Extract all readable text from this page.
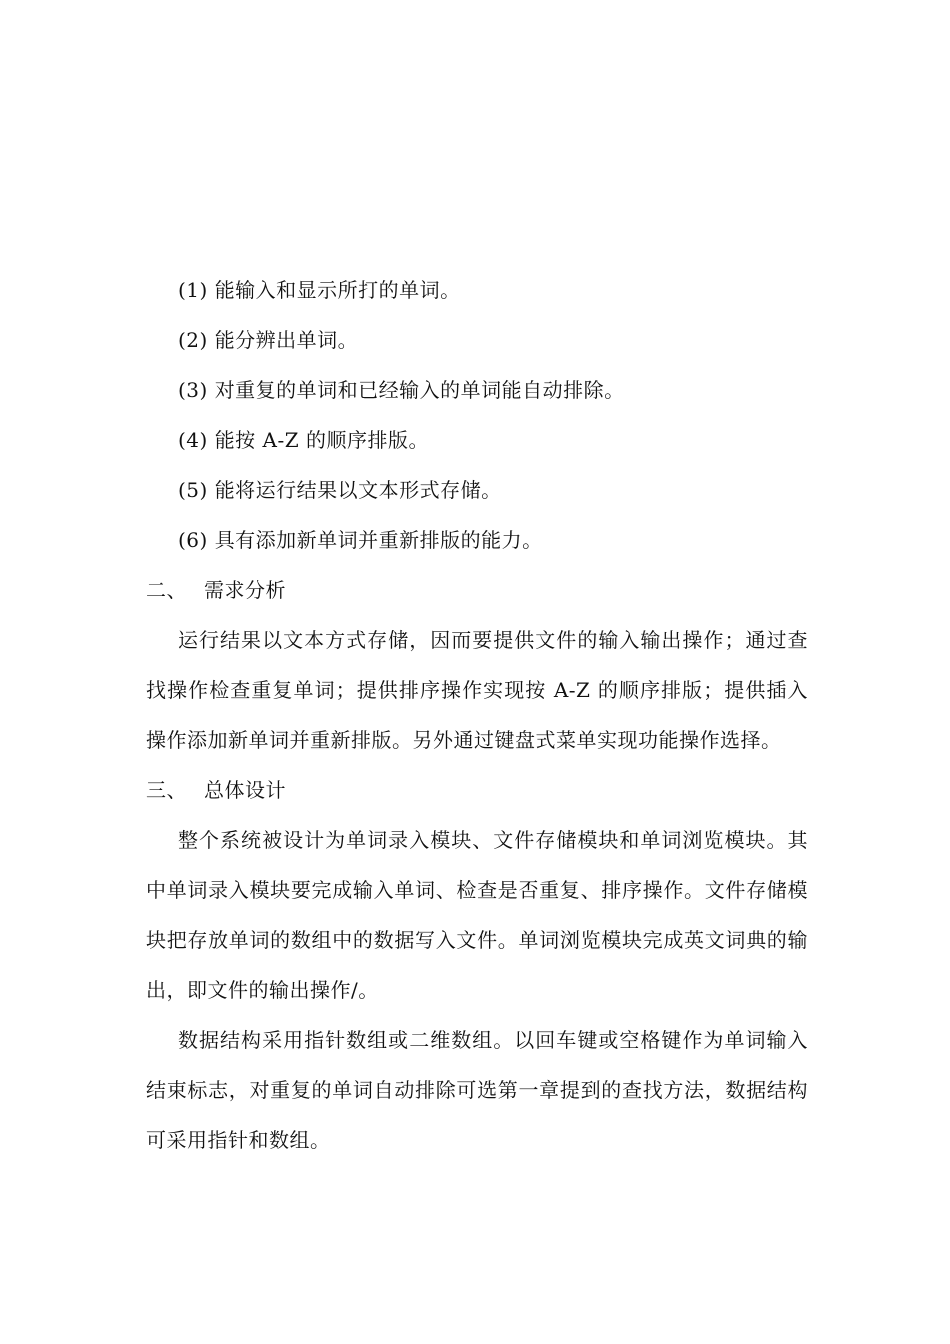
(1) 能输入和显示所打的单词。

(2) 能分辨出单词。

(3) 对重复的单词和已经输入的单词能自动排除。

(4) 能按 A-Z 的顺序排版。

(5) 能将运行结果以文本形式存储。

(6) 具有添加新单词并重新排版的能力。

二、 需求分析

运行结果以文本方式存储，因而要提供文件的输入输出操作；通过查找操作检查重复单词；提供排序操作实现按 A-Z 的顺序排版；提供插入操作添加新单词并重新排版。另外通过键盘式菜单实现功能操作选择。

三、 总体设计

整个系统被设计为单词录入模块、文件存储模块和单词浏览模块。其中单词录入模块要完成输入单词、检查是否重复、排序操作。文件存储模块把存放单词的数组中的数据写入文件。单词浏览模块完成英文词典的输出，即文件的输出操作/。

数据结构采用指针数组或二维数组。以回车键或空格键作为单词输入结束标志，对重复的单词自动排除可选第一章提到的查找方法，数据结构可采用指针和数组。
